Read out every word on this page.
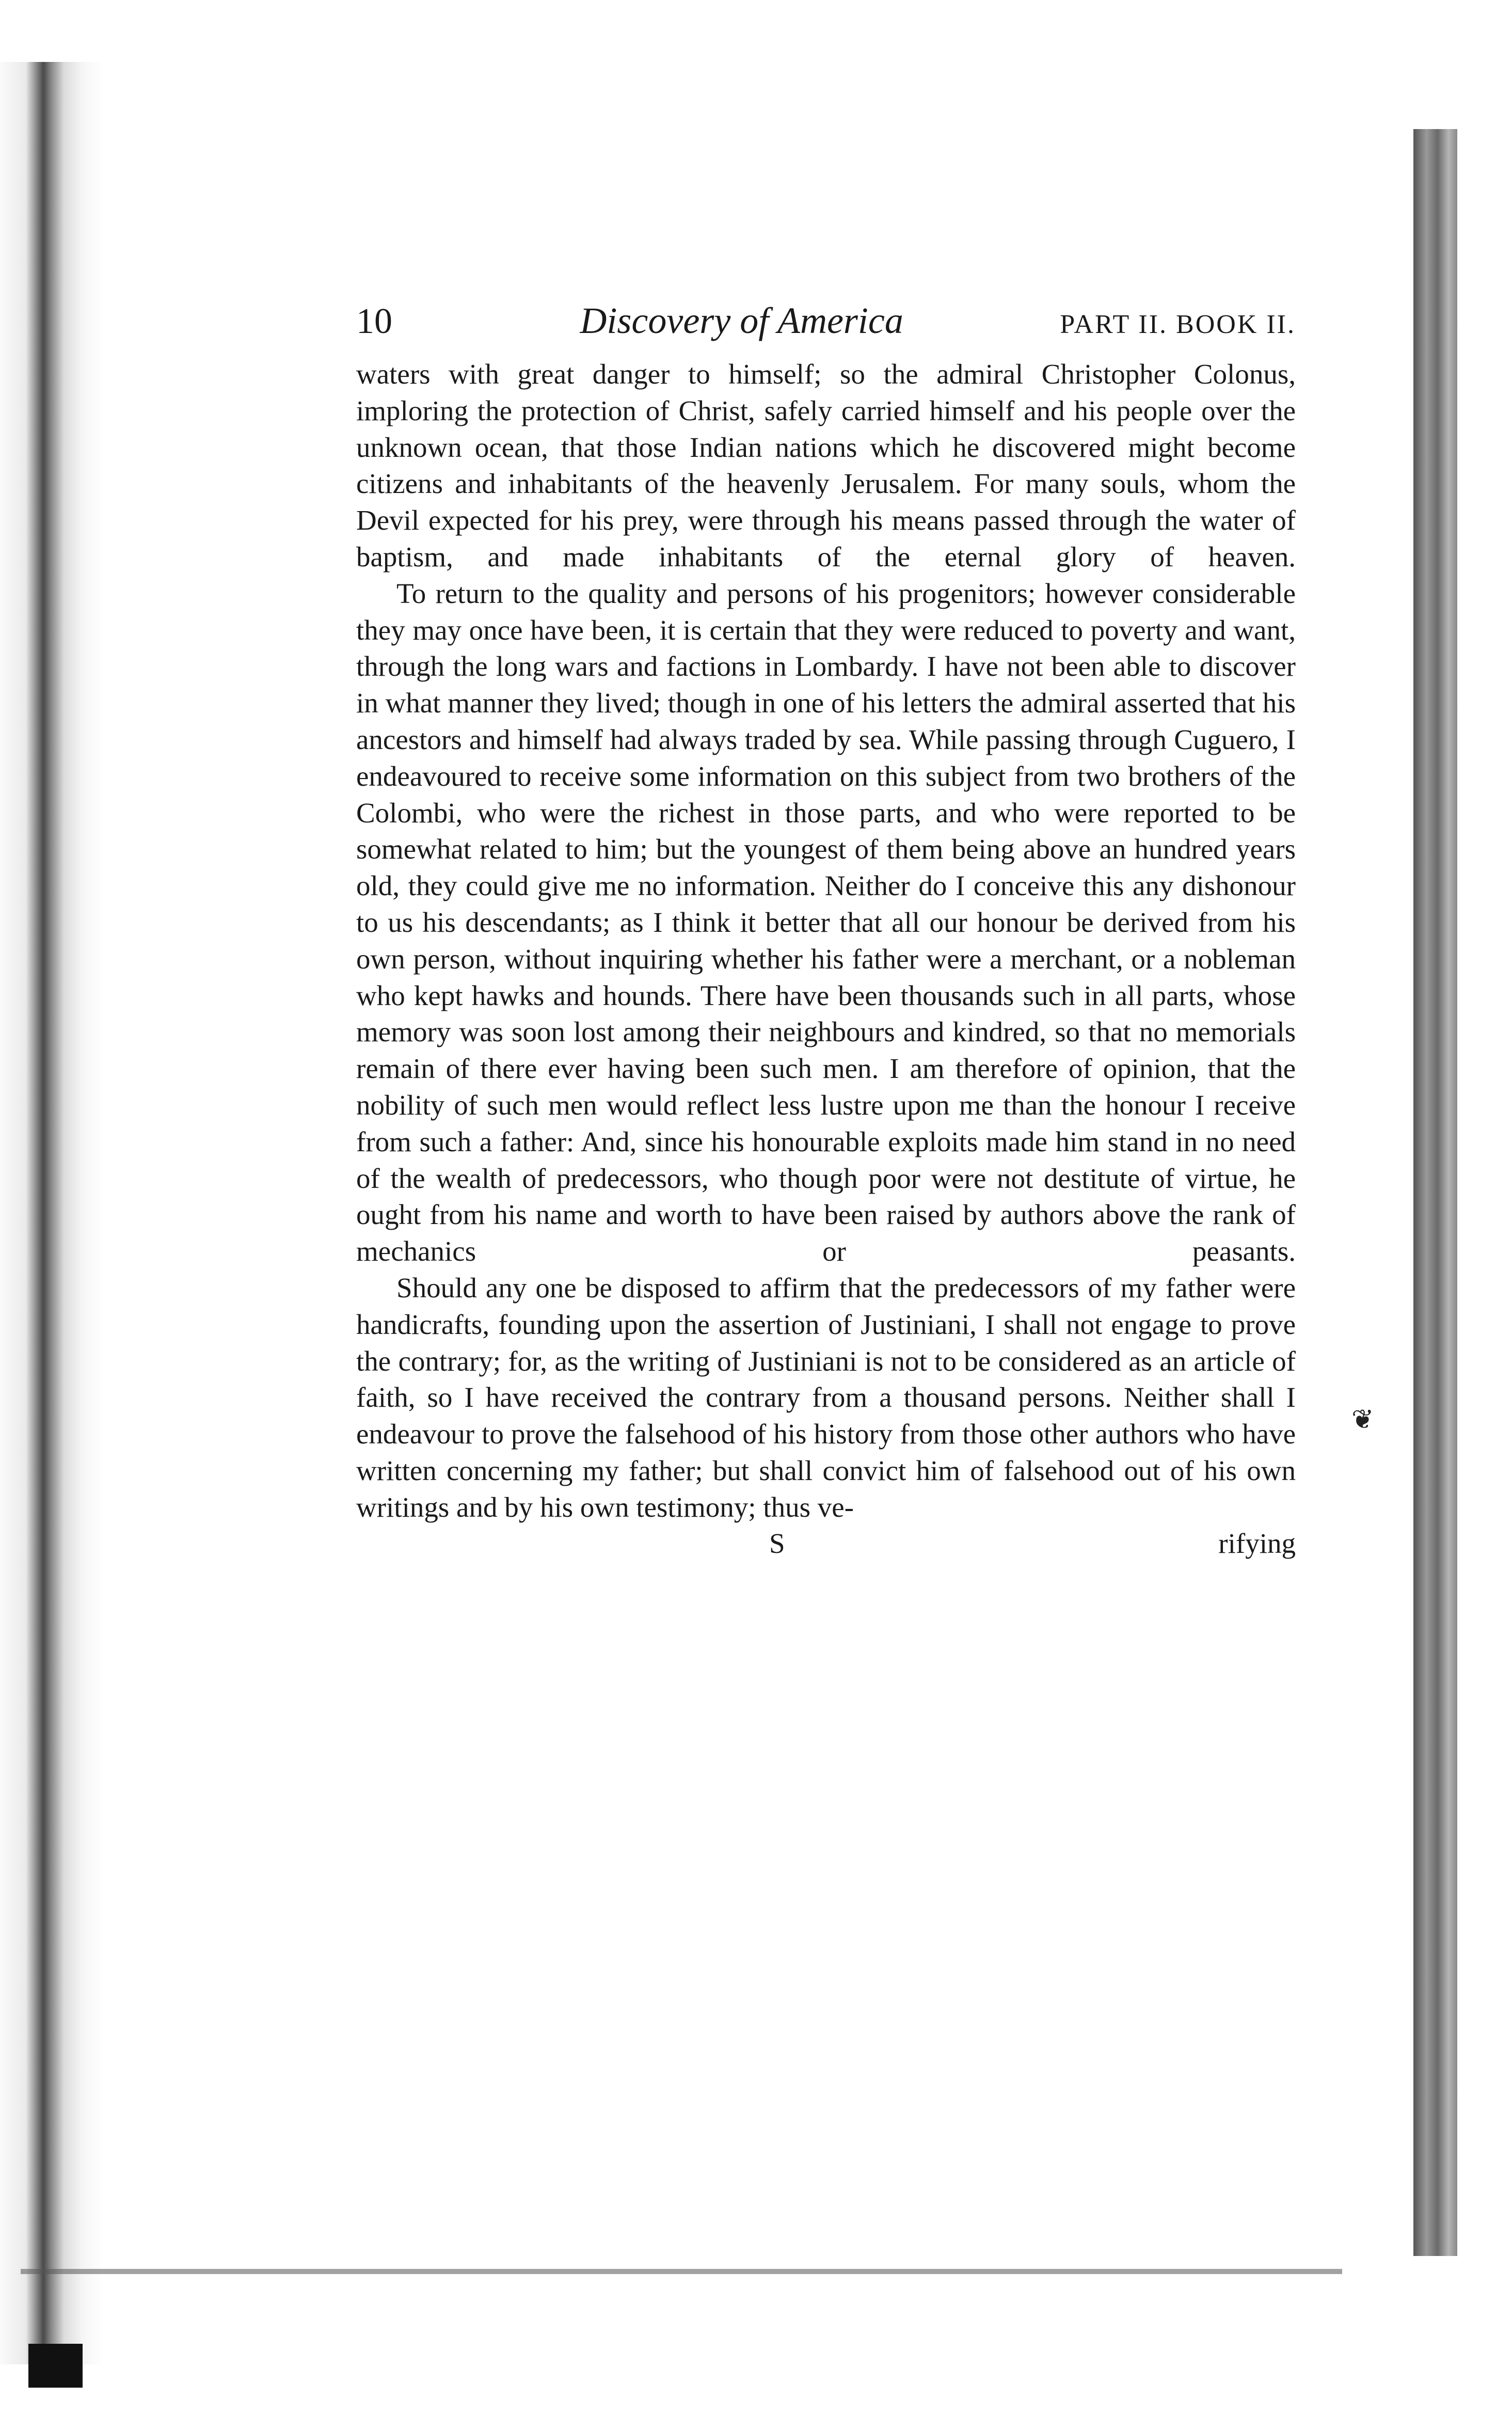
❦
10	Discovery of America	PART II. BOOK II.

waters with great danger to himself; so the admiral Christopher Colonus, imploring the protection of Christ, safely carried himself and his people over the unknown ocean, that those Indian nations which he discovered might become citizens and inhabitants of the heavenly Jerusalem. For many souls, whom the Devil expected for his prey, were through his means passed through the water of baptism, and made inhabitants of the eternal glory of heaven.

To return to the quality and persons of his progenitors; however considerable they may once have been, it is certain that they were reduced to poverty and want, through the long wars and factions in Lombardy. I have not been able to discover in what manner they lived; though in one of his letters the admiral asserted that his ancestors and himself had always traded by sea. While passing through Cuguero, I endeavoured to receive some information on this subject from two brothers of the Colombi, who were the richest in those parts, and who were reported to be somewhat related to him; but the youngest of them being above an hundred years old, they could give me no information. Neither do I conceive this any dishonour to us his descendants; as I think it better that all our honour be derived from his own person, without inquiring whether his father were a merchant, or a nobleman who kept hawks and hounds. There have been thousands such in all parts, whose memory was soon lost among their neighbours and kindred, so that no memorials remain of there ever having been such men. I am therefore of opinion, that the nobility of such men would reflect less lustre upon me than the honour I receive from such a father: And, since his honourable exploits made him stand in no need of the wealth of predecessors, who though poor were not destitute of virtue, he ought from his name and worth to have been raised by authors above the rank of mechanics or peasants.

Should any one be disposed to affirm that the predecessors of my father were handicrafts, founding upon the assertion of Justiniani, I shall not engage to prove the contrary; for, as the writing of Justiniani is not to be considered as an article of faith, so I have received the contrary from a thousand persons. Neither shall I endeavour to prove the falsehood of his history from those other authors who have written concerning my father; but shall convict him of falsehood out of his own writings and by his own testimony; thus ve-

S	rifying
